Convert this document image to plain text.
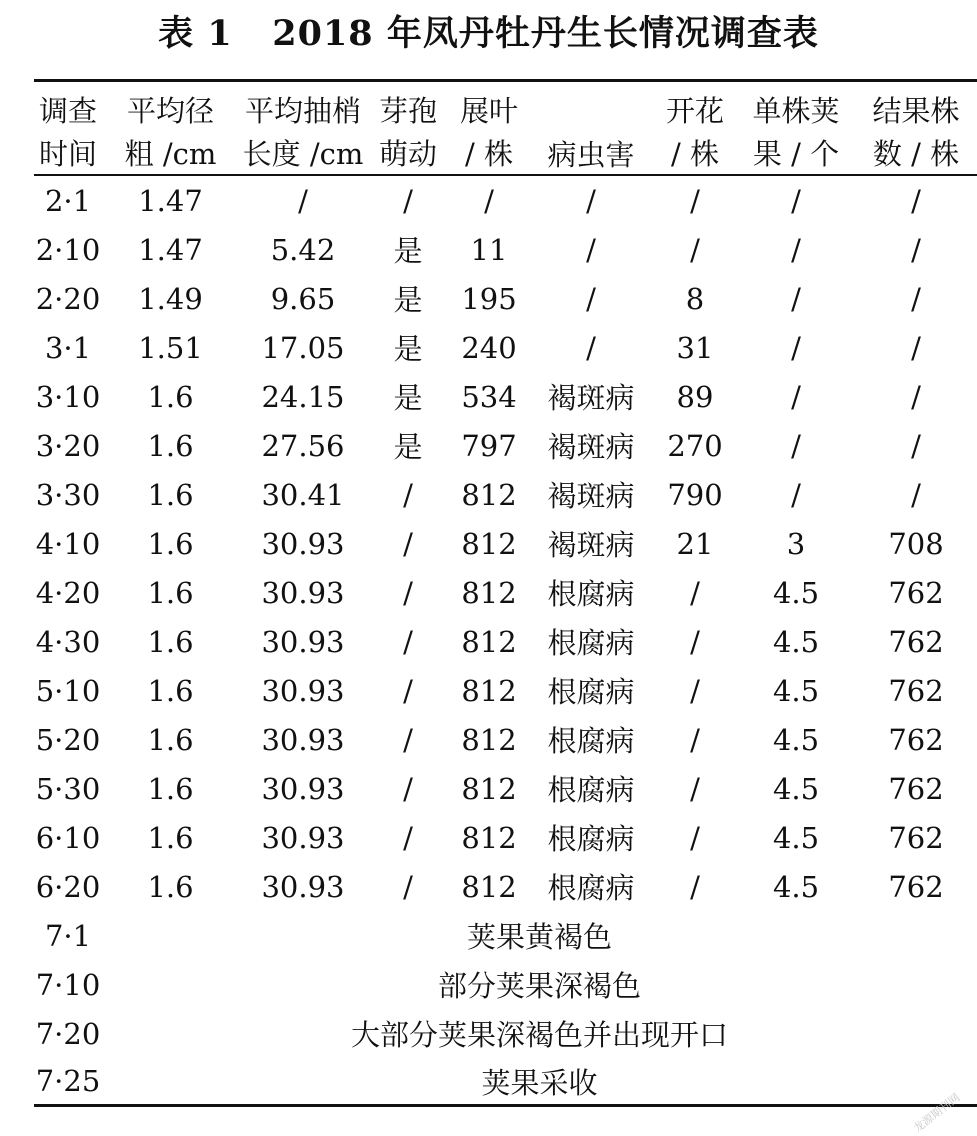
表 1   2018 年凤丹牡丹生长情况调查表
调查	平均径	平均抽梢	芽孢	展叶	病虫害	开花	单株荚	结果株
时间	粗 /cm	长度 /cm	萌动	/ 株		/ 株	果 / 个	数 / 株
2·1	1.47	/	/	/	/	/	/	/
2·10	1.47	5.42	是	11	/	/	/	/
2·20	1.49	9.65	是	195	/	8	/	/
3·1	1.51	17.05	是	240	/	31	/	/
3·10	1.6	24.15	是	534	褐斑病	89	/	/
3·20	1.6	27.56	是	797	褐斑病	270	/	/
3·30	1.6	30.41	/	812	褐斑病	790	/	/
4·10	1.6	30.93	/	812	褐斑病	21	3	708
4·20	1.6	30.93	/	812	根腐病	/	4.5	762
4·30	1.6	30.93	/	812	根腐病	/	4.5	762
5·10	1.6	30.93	/	812	根腐病	/	4.5	762
5·20	1.6	30.93	/	812	根腐病	/	4.5	762
5·30	1.6	30.93	/	812	根腐病	/	4.5	762
6·10	1.6	30.93	/	812	根腐病	/	4.5	762
6·20	1.6	30.93	/	812	根腐病	/	4.5	762
7·1	荚果黄褐色							
7·10	部分荚果深褐色							
7·20	大部分荚果深褐色并出现开口							
7·25	荚果采收							
龙源期刊网
